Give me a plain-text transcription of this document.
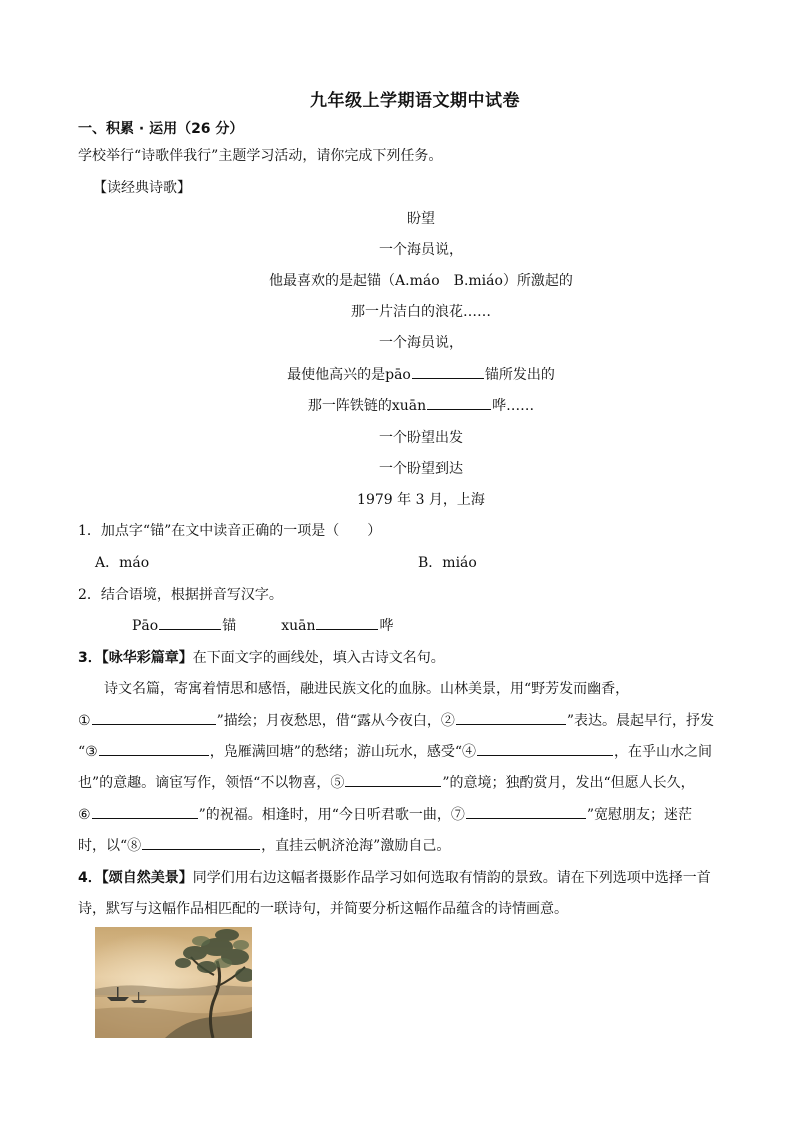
九年级上学期语文期中试卷
一、积累 · 运用（26 分）
学校举行“诗歌伴我行”主题学习活动，请你完成下列任务。
【读经典诗歌】
盼望
一个海员说，
他最喜欢的是起锚（A.máo　B.miáo）所激起的
那一片洁白的浪花……
一个海员说，
最使他高兴的是pāo	锚所发出的
那一阵铁链的xuān	哗……
一个盼望出发
一个盼望到达
1979 年 3 月，上海
1．加点字“锚”在文中读音正确的一项是（　　）
A．máo	B．miáo
2．结合语境，根据拼音写汉字。
Pāo	锚	xuān	哗
3．【咏华彩篇章】在下面文字的画线处，填入古诗文名句。
诗文名篇，寄寓着情思和感悟，融进民族文化的血脉。山林美景，用“野芳发而幽香，
①	”描绘；月夜愁思，借“露从今夜白，②	”表达。晨起早行，抒发
“③	，凫雁满回塘”的愁绪；游山玩水，感受“④	，在乎山水之间
也”的意趣。谪宦写作，领悟“不以物喜，⑤	”的意境；独酌赏月，发出“但愿人长久，
⑥	”的祝福。相逢时，用“今日听君歌一曲，⑦	”宽慰朋友；迷茫
时，以“⑧	，直挂云帆济沧海”激励自己。
4．【颂自然美景】同学们用右边这幅者摄影作品学习如何选取有情韵的景致。请在下列选项中选择一首
诗，默写与这幅作品相匹配的一联诗句，并简要分析这幅作品蕴含的诗情画意。
